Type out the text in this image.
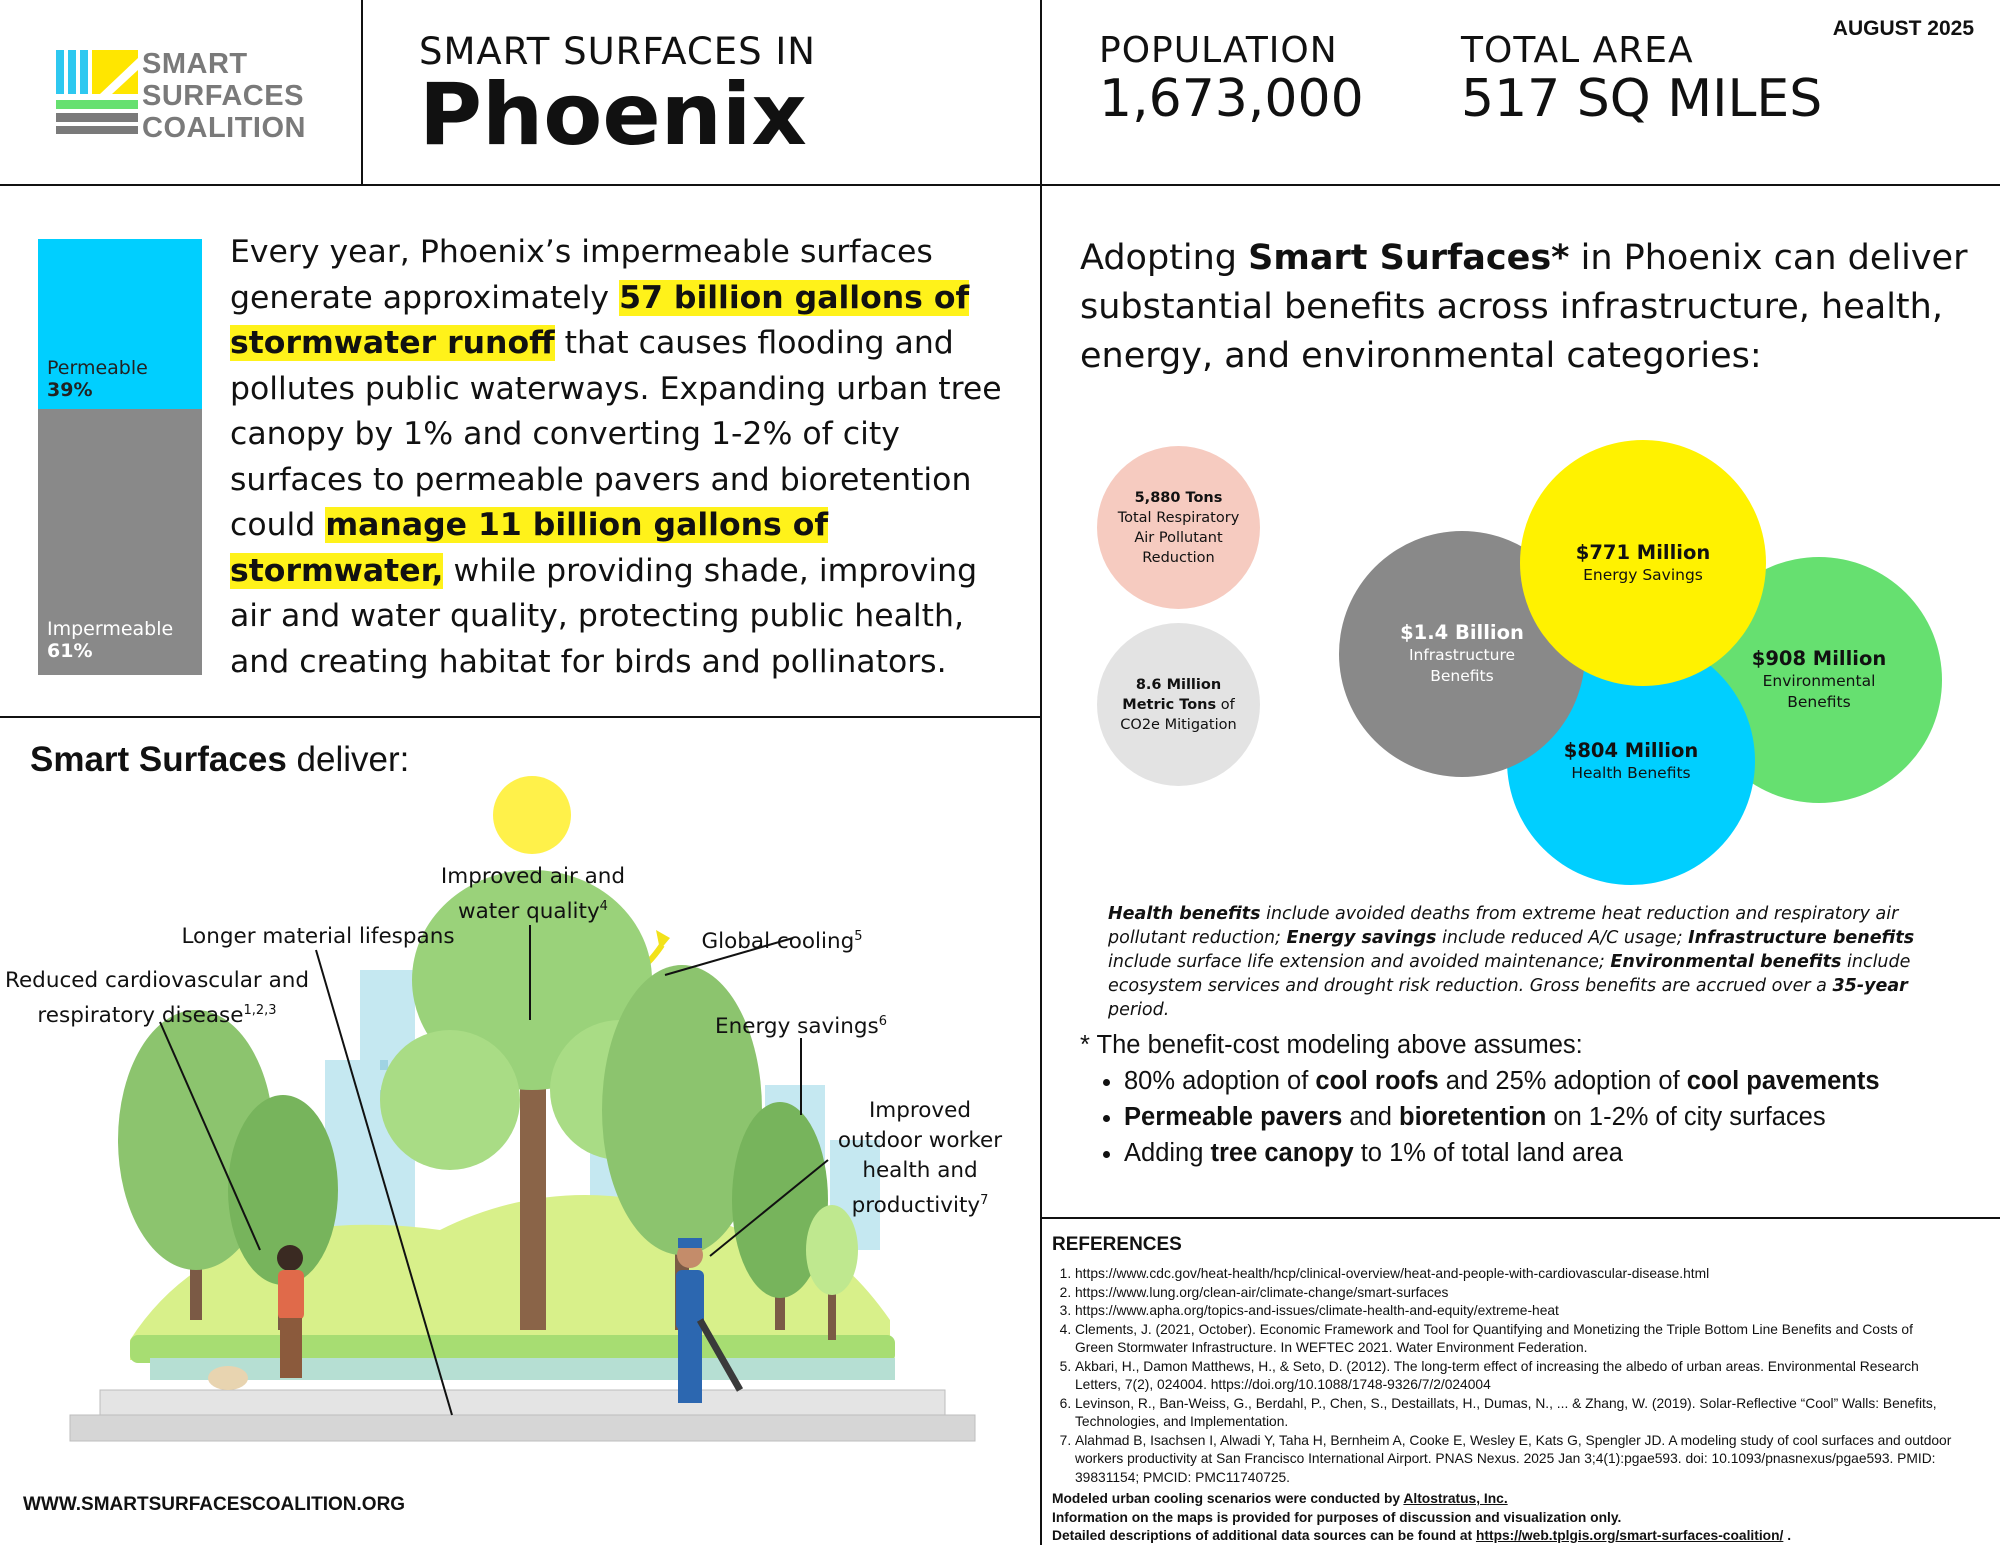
SMART
SURFACES
COALITION
SMART SURFACES IN
Phoenix
POPULATION
1,673,000
TOTAL AREA
517 SQ MILES
AUGUST 2025
Permeable
39%
Impermeable
61%
Every year, Phoenix’s impermeable surfaces generate approximately 57 billion gallons of stormwater runoff that causes flooding and pollutes public waterways. Expanding urban tree canopy by 1% and converting 1-2% of city surfaces to permeable pavers and bioretention could manage 11 billion gallons of stormwater, while providing shade, improving air and water quality, protecting public health, and creating habitat for birds and pollinators.
Smart Surfaces deliver:
Improved air and water quality$^4$
Longer material lifespans	Global cooling$^5$
Reduced cardiovascular and respiratory disease$^{1,2,3}$
Energy savings$^6$
Improved outdoor worker health and productivity$^7$
WWW.SMARTSURFACESCOALITION.ORG
Adopting Smart Surfaces* in Phoenix can deliver substantial benefits across infrastructure, health, energy, and environmental categories:
5,880 Tons
Total Respiratory Air Pollutant Reduction
8.6 Million Metric Tons of CO2e Mitigation
$908 Million
Environmental Benefits
$804 Million
Health Benefits
$1.4 Billion
Infrastructure Benefits
$771 Million
Energy Savings
Health benefits include avoided deaths from extreme heat reduction and respiratory air pollutant reduction; Energy savings include reduced A/C usage; Infrastructure benefits include surface life extension and avoided maintenance; Environmental benefits include ecosystem services and drought risk reduction. Gross benefits are accrued over a 35-year period.
* The benefit-cost modeling above assumes:
• 80% adoption of cool roofs and 25% adoption of cool pavements
• Permeable pavers and bioretention on 1-2% of city surfaces
• Adding tree canopy to 1% of total land area
REFERENCES
1. https://www.cdc.gov/heat-health/hcp/clinical-overview/heat-and-people-with-cardiovascular-disease.html
2. https://www.lung.org/clean-air/climate-change/smart-surfaces
3. https://www.apha.org/topics-and-issues/climate-health-and-equity/extreme-heat
4. Clements, J. (2021, October). Economic Framework and Tool for Quantifying and Monetizing the Triple Bottom Line Benefits and Costs of Green Stormwater Infrastructure. In WEFTEC 2021. Water Environment Federation.
5. Akbari, H., Damon Matthews, H., & Seto, D. (2012). The long-term effect of increasing the albedo of urban areas. Environmental Research Letters, 7(2), 024004. https://doi.org/10.1088/1748-9326/7/2/024004
6. Levinson, R., Ban-Weiss, G., Berdahl, P., Chen, S., Destaillats, H., Dumas, N., ... & Zhang, W. (2019). Solar-Reflective “Cool” Walls: Benefits, Technologies, and Implementation.
7. Alahmad B, Isachsen I, Alwadi Y, Taha H, Bernheim A, Cooke E, Wesley E, Kats G, Spengler JD. A modeling study of cool surfaces and outdoor workers productivity at San Francisco International Airport. PNAS Nexus. 2025 Jan 3;4(1):pgae593. doi: 10.1093/pnasnexus/pgae593. PMID: 39831154; PMCID: PMC11740725.
Modeled urban cooling scenarios were conducted by Altostratus, Inc.
Information on the maps is provided for purposes of discussion and visualization only.
Detailed descriptions of additional data sources can be found at https://web.tplgis.org/smart-surfaces-coalition/ .
